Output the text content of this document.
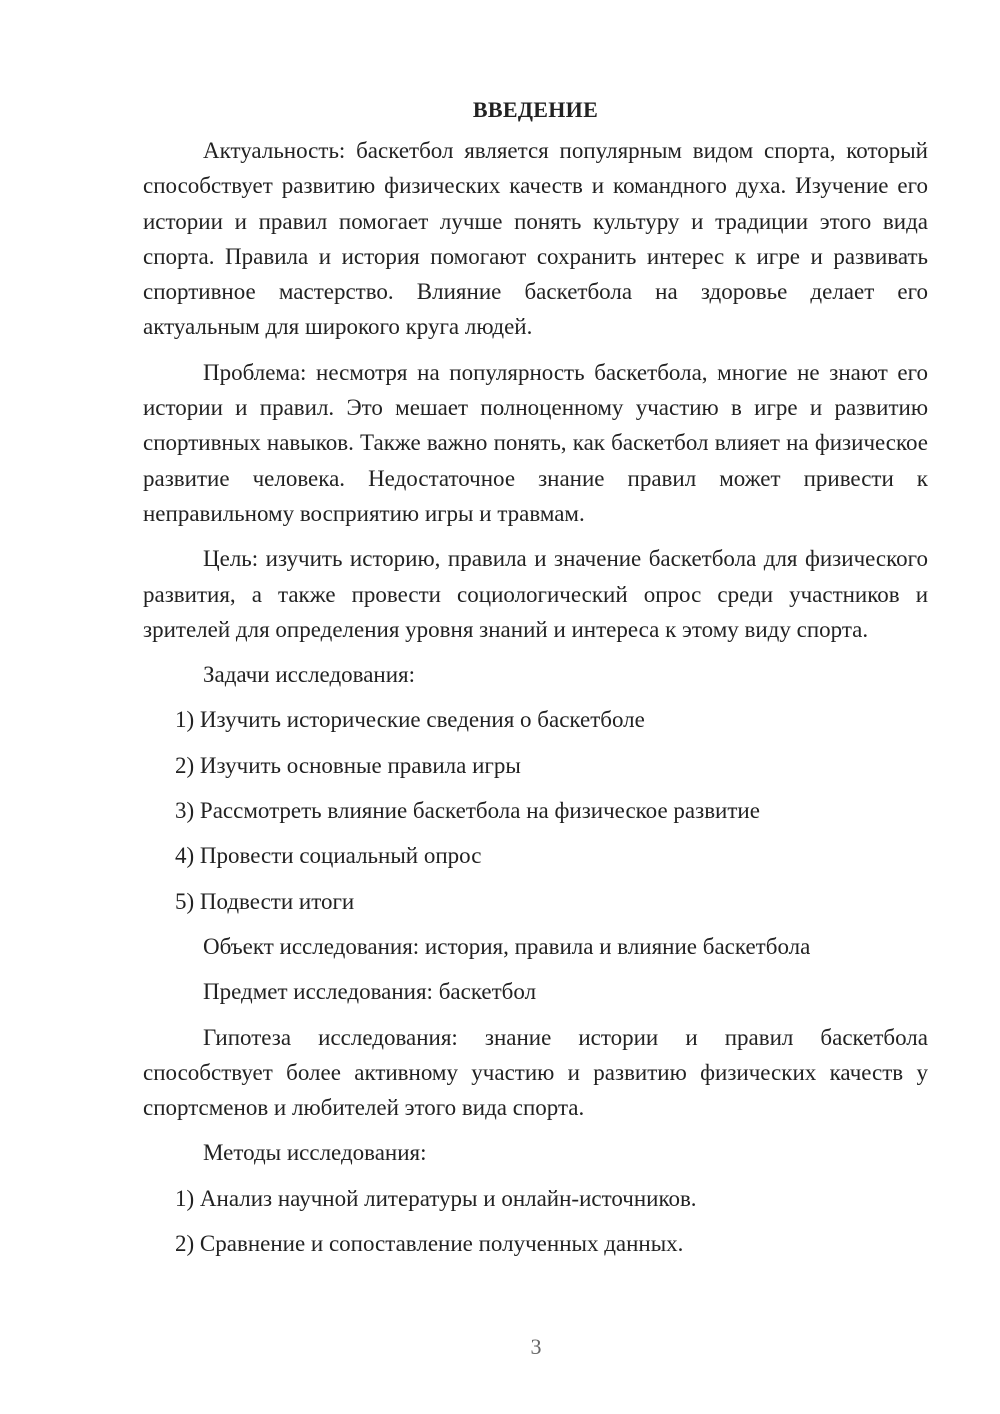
ВВЕДЕНИЕ

Актуальность: баскетбол является популярным видом спорта, который способствует развитию физических качеств и командного духа. Изучение его истории и правил помогает лучше понять культуру и традиции этого вида спорта. Правила и история помогают сохранить интерес к игре и развивать спортивное мастерство. Влияние баскетбола на здоровье делает его актуальным для широкого круга людей.

Проблема: несмотря на популярность баскетбола, многие не знают его истории и правил. Это мешает полноценному участию в игре и развитию спортивных навыков. Также важно понять, как баскетбол влияет на физическое развитие человека. Недостаточное знание правил может привести к неправильному восприятию игры и травмам.

Цель: изучить историю, правила и значение баскетбола для физического развития, а также провести социологический опрос среди участников и зрителей для определения уровня знаний и интереса к этому виду спорта.

Задачи исследования:

1) Изучить исторические сведения о баскетболе

2) Изучить основные правила игры

3) Рассмотреть влияние баскетбола на физическое развитие

4) Провести социальный опрос

5) Подвести итоги

Объект исследования: история, правила и влияние баскетбола

Предмет исследования: баскетбол

Гипотеза исследования: знание истории и правил баскетбола способствует более активному участию и развитию физических качеств у спортсменов и любителей этого вида спорта.

Методы исследования:

1) Анализ научной литературы и онлайн-источников.

2) Сравнение и сопоставление полученных данных.

3
